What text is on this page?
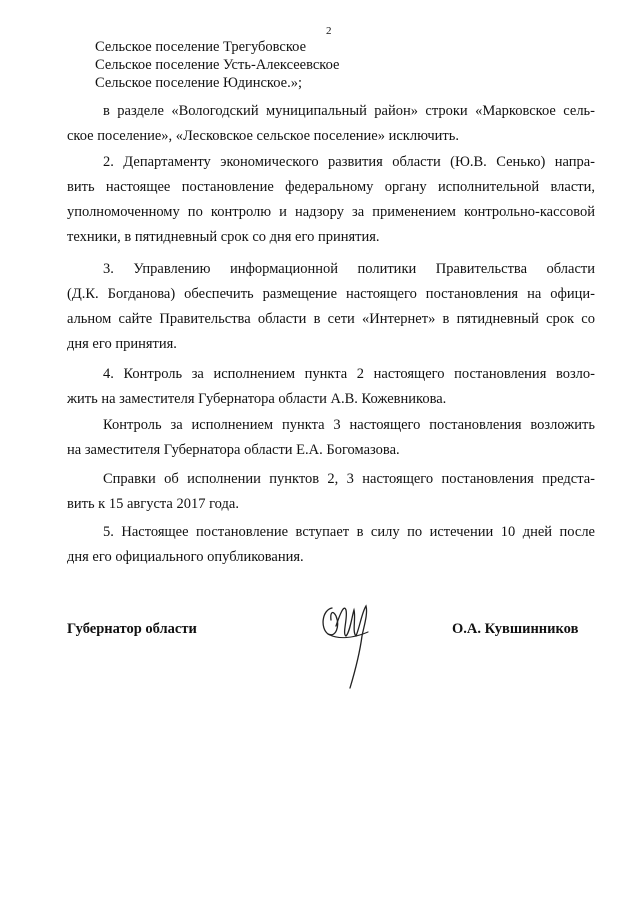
2
Сельское поселение Трегубовское
Сельское поселение Усть-Алексеевское
Сельское поселение Юдинское.»;
в разделе «Вологодский муниципальный район» строки «Марковское сель-
ское поселение», «Лесковское сельское поселение» исключить.
2. Департаменту экономического развития области (Ю.В. Сенько) напра-
вить настоящее постановление федеральному органу исполнительной власти,
уполномоченному по контролю и надзору за применением контрольно-кассовой
техники, в пятидневный срок со дня его принятия.
3. Управлению информационной политики Правительства области
(Д.К. Богданова) обеспечить размещение настоящего постановления на офици-
альном сайте Правительства области в сети «Интернет» в пятидневный срок со
дня его принятия.
4. Контроль за исполнением пункта 2 настоящего постановления возло-
жить на заместителя Губернатора области А.В. Кожевникова.
Контроль за исполнением пункта 3 настоящего постановления возложить
на заместителя Губернатора области Е.А. Богомазова.
Справки об исполнении пунктов 2, 3 настоящего постановления предста-
вить к 15 августа 2017 года.
5. Настоящее постановление вступает в силу по истечении 10 дней после
дня его официального опубликования.
Губернатор области	О.А. Кувшинников
